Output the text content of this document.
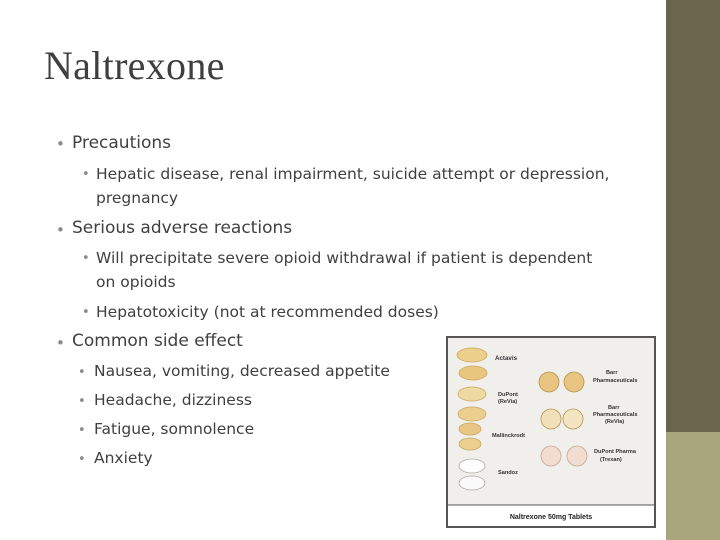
Naltrexone
• Precautions
• Hepatic disease, renal impairment, suicide attempt or depression,
pregnancy
• Serious adverse reactions
• Will precipitate severe opioid withdrawal if patient is dependent
on opioids
• Hepatotoxicity (not at recommended doses)
• Common side effect
• Nausea, vomiting, decreased appetite
• Headache, dizziness
• Fatigue, somnolence
• Anxiety
Actavis
Barr
Pharmaceuticals
DuPont
(ReVia)
Barr
Pharmaceuticals
(ReVia)
Mallinckrodt
DuPont Pharma
(Trexan)
Sandoz
Naltrexone 50mg Tablets
